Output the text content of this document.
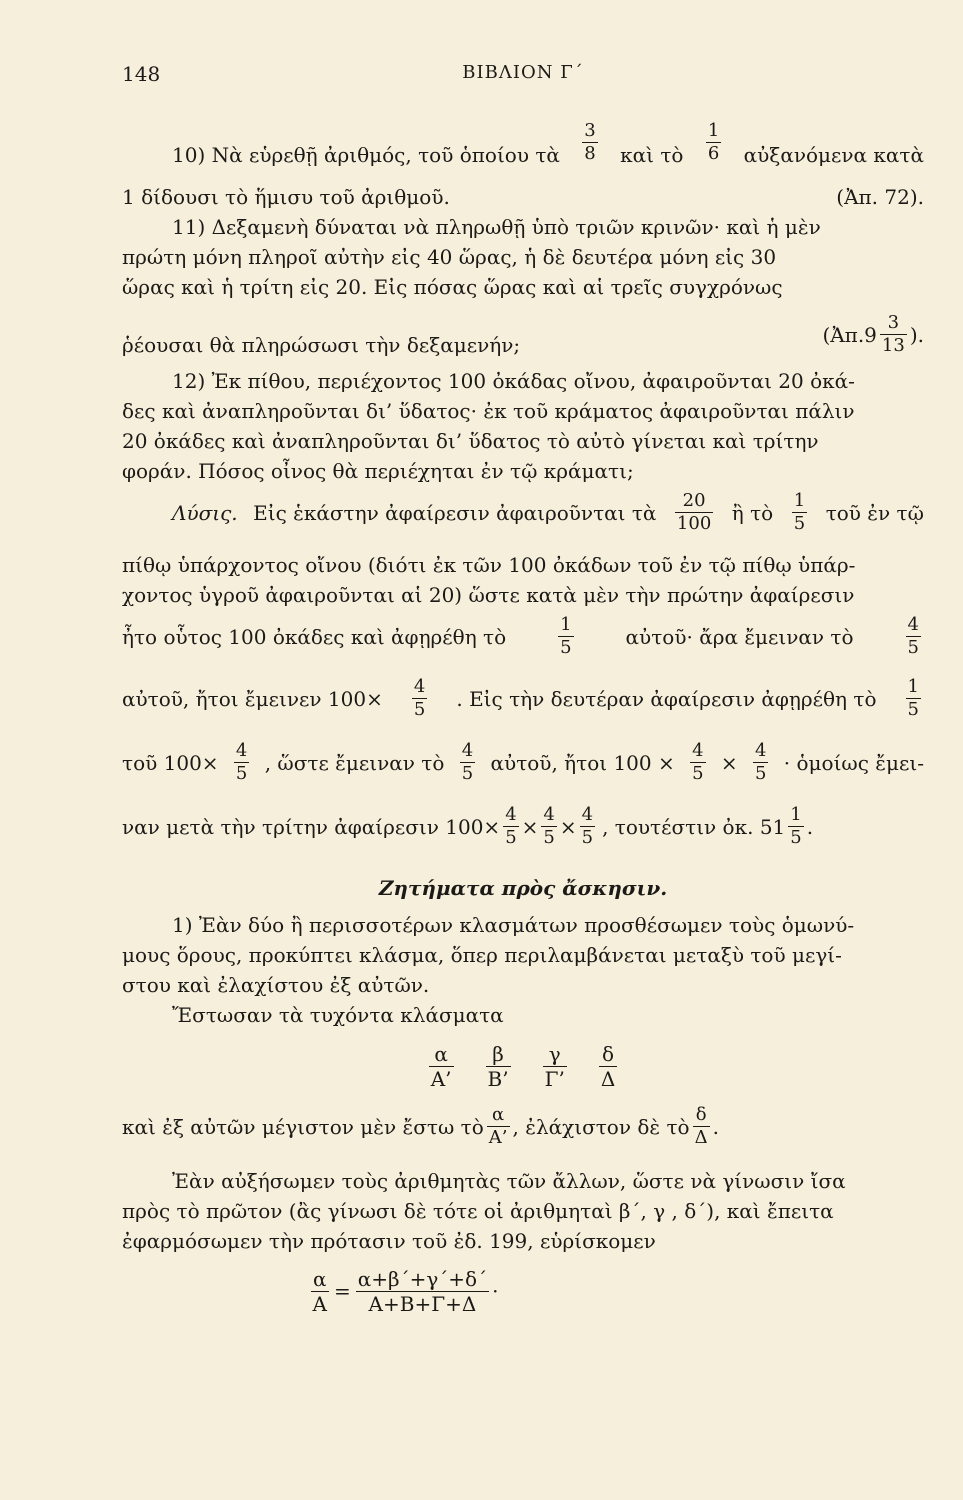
148	ΒΙΒΛΙΟΝ Γ΄
10) Νὰ εὑρεθῇ ἀριθμός, τοῦ ὁποίου τὰ $\frac{3}{8}$ καὶ τὸ $\frac{1}{6}$ αὐξανόμενα κατὰ
1 δίδουσι τὸ ἥμισυ τοῦ ἀριθμοῦ.	(Ἀπ. 72).
11) Δεξαμενὴ δύναται νὰ πληρωθῇ ὑπὸ τριῶν κρινῶν· καὶ ἡ μὲν
πρώτη μόνη πληροῖ αὐτὴν εἰς 40 ὥρας, ἡ δὲ δευτέρα μόνη εἰς 30
ὥρας καὶ ἡ τρίτη εἰς 20. Εἰς πόσας ὥρας καὶ αἱ τρεῖς συγχρόνως
ῥέουσαι θὰ πληρώσωσι τὴν δεξαμενήν;	(Ἀπ.9 $\frac{3}{13}$ ).
12) Ἐκ πίθου, περιέχοντος 100 ὀκάδας οἴνου, ἀφαιροῦνται 20 ὀκά-
δες καὶ ἀναπληροῦνται δι’ ὕδατος· ἐκ τοῦ κράματος ἀφαιροῦνται πάλιν
20 ὀκάδες καὶ ἀναπληροῦνται δι’ ὕδατος τὸ αὐτὸ γίνεται καὶ τρίτην
φοράν. Πόσος οἶνος θὰ περιέχηται ἐν τῷ κράματι;
Λύσις. Εἰς ἑκάστην ἀφαίρεσιν ἀφαιροῦνται τὰ $\frac{20}{100}$ ἢ τὸ $\frac{1}{5}$ τοῦ ἐν τῷ
πίθῳ ὑπάρχοντος οἴνου (διότι ἐκ τῶν 100 ὀκάδων τοῦ ἐν τῷ πίθῳ ὑπάρ-
χοντος ὑγροῦ ἀφαιροῦνται αἱ 20) ὥστε κατὰ μὲν τὴν πρώτην ἀφαίρεσιν
ἦτο οὗτος 100 ὀκάδες καὶ ἀφῃρέθη τὸ	$\frac{1}{5}$	αὐτοῦ· ἄρα ἔμειναν τὸ	$\frac{4}{5}$
αὐτοῦ, ἤτοι ἔμεινεν $100\times \frac{4}{5}$ . Εἰς τὴν δευτέραν ἀφαίρεσιν ἀφῃρέθη τὸ $\frac{1}{5}$
τοῦ $100\times \frac{4}{5}$ , ὥστε ἔμειναν τὸ $\frac{4}{5}$ αὐτοῦ, ἤτοι $100 \times \frac{4}{5} \times \frac{4}{5}$ · ὁμοίως ἔμει-
ναν μετὰ τὴν τρίτην ἀφαίρεσιν $100\times \frac{4}{5} \times \frac{4}{5} \times \frac{4}{5}$ , τουτέστιν ὀκ. $51 \frac{1}{5}$ .
Ζητήματα πρὸς ἄσκησιν.
1) Ἐὰν δύο ἢ περισσοτέρων κλασμάτων προσθέσωμεν τοὺς ὁμωνύ-
μους ὅρους, προκύπτει κλάσμα, ὅπερ περιλαμβάνεται μεταξὺ τοῦ μεγί-
στου καὶ ἐλαχίστου ἐξ αὐτῶν.
Ἔστωσαν τὰ τυχόντα κλάσματα
$\frac{\alpha}{A’} \frac{\beta}{B’} \frac{\gamma}{\Gamma’} \frac{\delta}{\Delta}$
καὶ ἐξ αὐτῶν μέγιστον μὲν ἔστω τὸ $\frac{\alpha}{A’}$ , ἐλάχιστον δὲ τὸ $\frac{\delta}{\Delta}$ .
Ἐὰν αὐξήσωμεν τοὺς ἀριθμητὰς τῶν ἄλλων, ὥστε νὰ γίνωσιν ἴσα
πρὸς τὸ πρῶτον (ἂς γίνωσι δὲ τότε οἱ ἀριθμηταὶ β΄, γ , δ΄), καὶ ἔπειτα
ἐφαρμόσωμεν τὴν πρότασιν τοῦ ἐδ. 199, εὑρίσκομεν
$\frac{\alpha}{A} = \frac{\alpha+\beta΄+\gamma΄+\delta΄}{A+B+\Gamma+\Delta}$ ·
